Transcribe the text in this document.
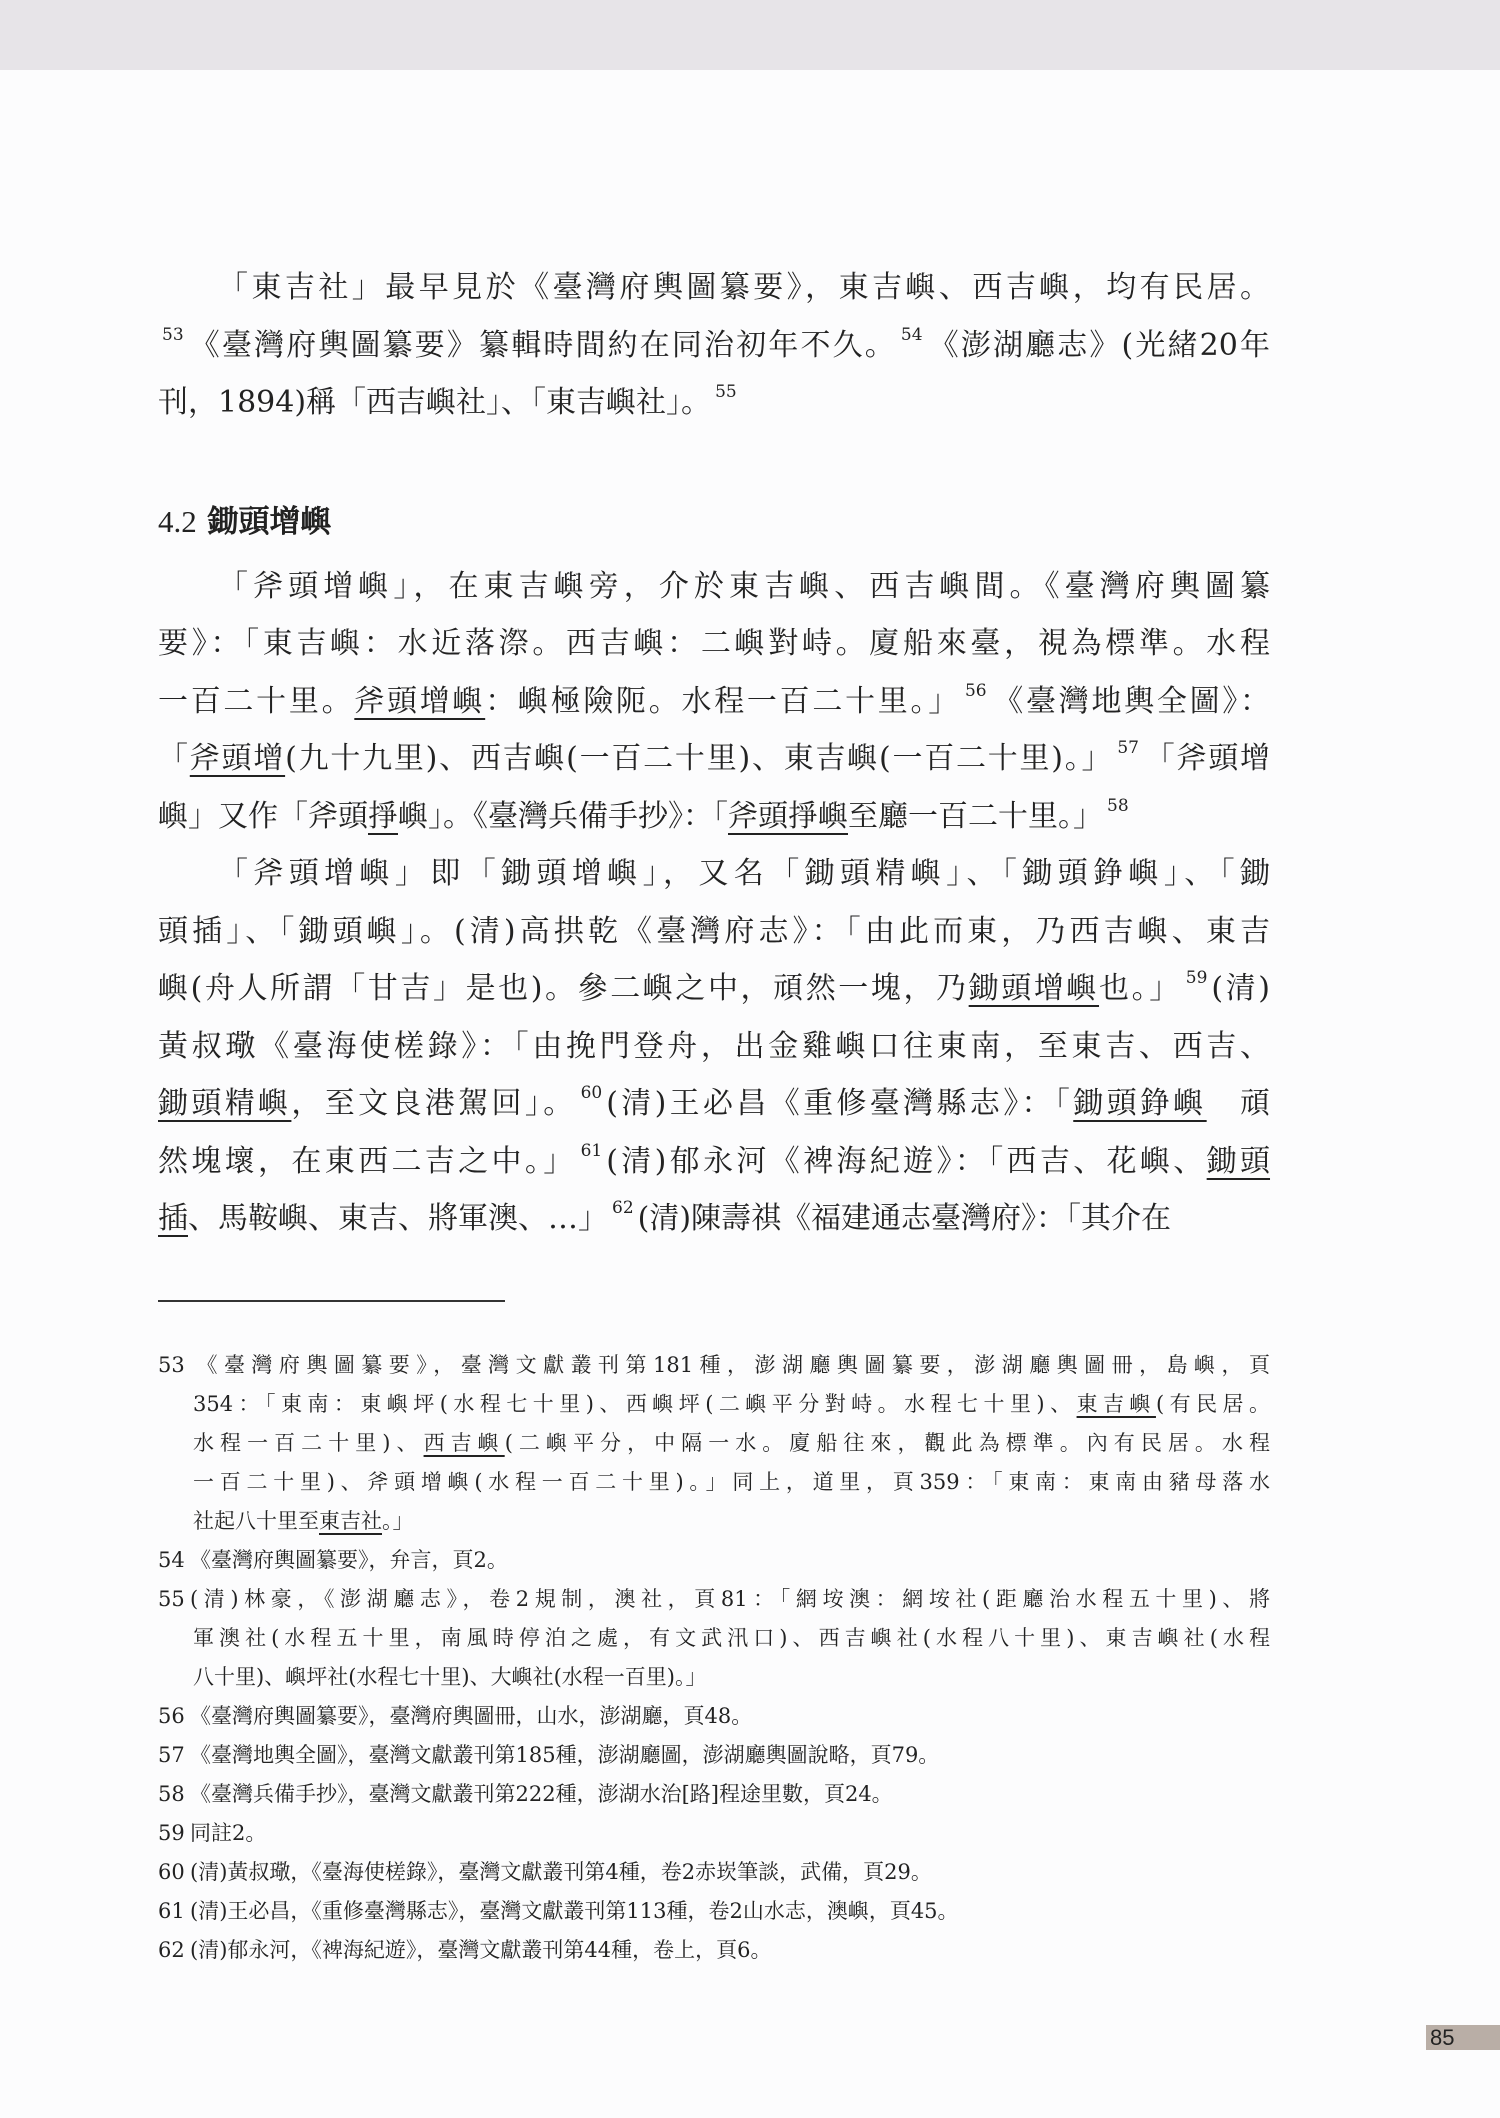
「東吉社」最早見於《臺灣府輿圖纂要》，東吉嶼、西吉嶼，均有民居。
$^{53}$ 《臺灣府輿圖纂要》纂輯時間約在同治初年不久。 $^{54}$ 《澎湖廳志》(光緒20年
刊，1894)稱「西吉嶼社」、「東吉嶼社」。 $^{55}$
4.2 鋤頭增嶼
「斧頭增嶼」，在東吉嶼旁，介於東吉嶼、西吉嶼間。《臺灣府輿圖纂
要》：「東吉嶼：水近落漈。西吉嶼：二嶼對峙。廈船來臺，視為標準。水程
一百二十里。斧頭增嶼：嶼極險阨。水程一百二十里。」 $^{56}$ 《臺灣地輿全圖》：
「斧頭增(九十九里)、西吉嶼(一百二十里)、東吉嶼(一百二十里)。」 $^{57}$ 「斧頭增
嶼」又作「斧頭掙嶼」。《臺灣兵備手抄》：「斧頭掙嶼至廳一百二十里。」 $^{58}$
「斧頭增嶼」即「鋤頭增嶼」，又名「鋤頭精嶼」、「鋤頭錚嶼」、「鋤
頭插」、「鋤頭嶼」。(清)高拱乾《臺灣府志》：「由此而東，乃西吉嶼、東吉
嶼(舟人所謂「甘吉」是也)。參二嶼之中，頑然一塊，乃鋤頭增嶼也。」 $^{59}$ (清)
黃叔璥《臺海使槎錄》：「由挽門登舟，出金雞嶼口往東南，至東吉、西吉、
鋤頭精嶼，至文良港駕回」。 $^{60}$ (清)王必昌《重修臺灣縣志》：「鋤頭錚嶼　頑
然塊壞，在東西二吉之中。」 $^{61}$ (清)郁永河《裨海紀遊》：「西吉、花嶼、鋤頭
插、馬鞍嶼、東吉、將軍澳、…」 $^{62}$ (清)陳壽祺《福建通志臺灣府》：「其介在
53 《臺灣府輿圖纂要》，臺灣文獻叢刊第181種，澎湖廳輿圖纂要，澎湖廳輿圖冊，島嶼，頁
354：「東南：東嶼坪(水程七十里)、西嶼坪(二嶼平分對峙。水程七十里)、東吉嶼(有民居。
水程一百二十里)、西吉嶼(二嶼平分，中隔一水。廈船往來，觀此為標準。內有民居。水程
一百二十里)、斧頭增嶼(水程一百二十里)。」同上，道里，頁359：「東南：東南由豬母落水
社起八十里至東吉社。」
54 《臺灣府輿圖纂要》，弁言，頁2。
55 (清)林豪，《澎湖廳志》，卷2規制，澳社，頁81：「網垵澳：網垵社(距廳治水程五十里)、將
軍澳社(水程五十里，南風時停泊之處，有文武汛口)、西吉嶼社(水程八十里)、東吉嶼社(水程
八十里)、嶼坪社(水程七十里)、大嶼社(水程一百里)。」
56 《臺灣府輿圖纂要》，臺灣府輿圖冊，山水，澎湖廳，頁48。
57 《臺灣地輿全圖》，臺灣文獻叢刊第185種，澎湖廳圖，澎湖廳輿圖說略，頁79。
58 《臺灣兵備手抄》，臺灣文獻叢刊第222種，澎湖水治[路]程途里數，頁24。
59 同註2。
60 (清)黃叔璥，《臺海使槎錄》，臺灣文獻叢刊第4種，卷2赤崁筆談，武備，頁29。
61 (清)王必昌，《重修臺灣縣志》，臺灣文獻叢刊第113種，卷2山水志，澳嶼，頁45。
62 (清)郁永河，《裨海紀遊》，臺灣文獻叢刊第44種，卷上，頁6。
85
